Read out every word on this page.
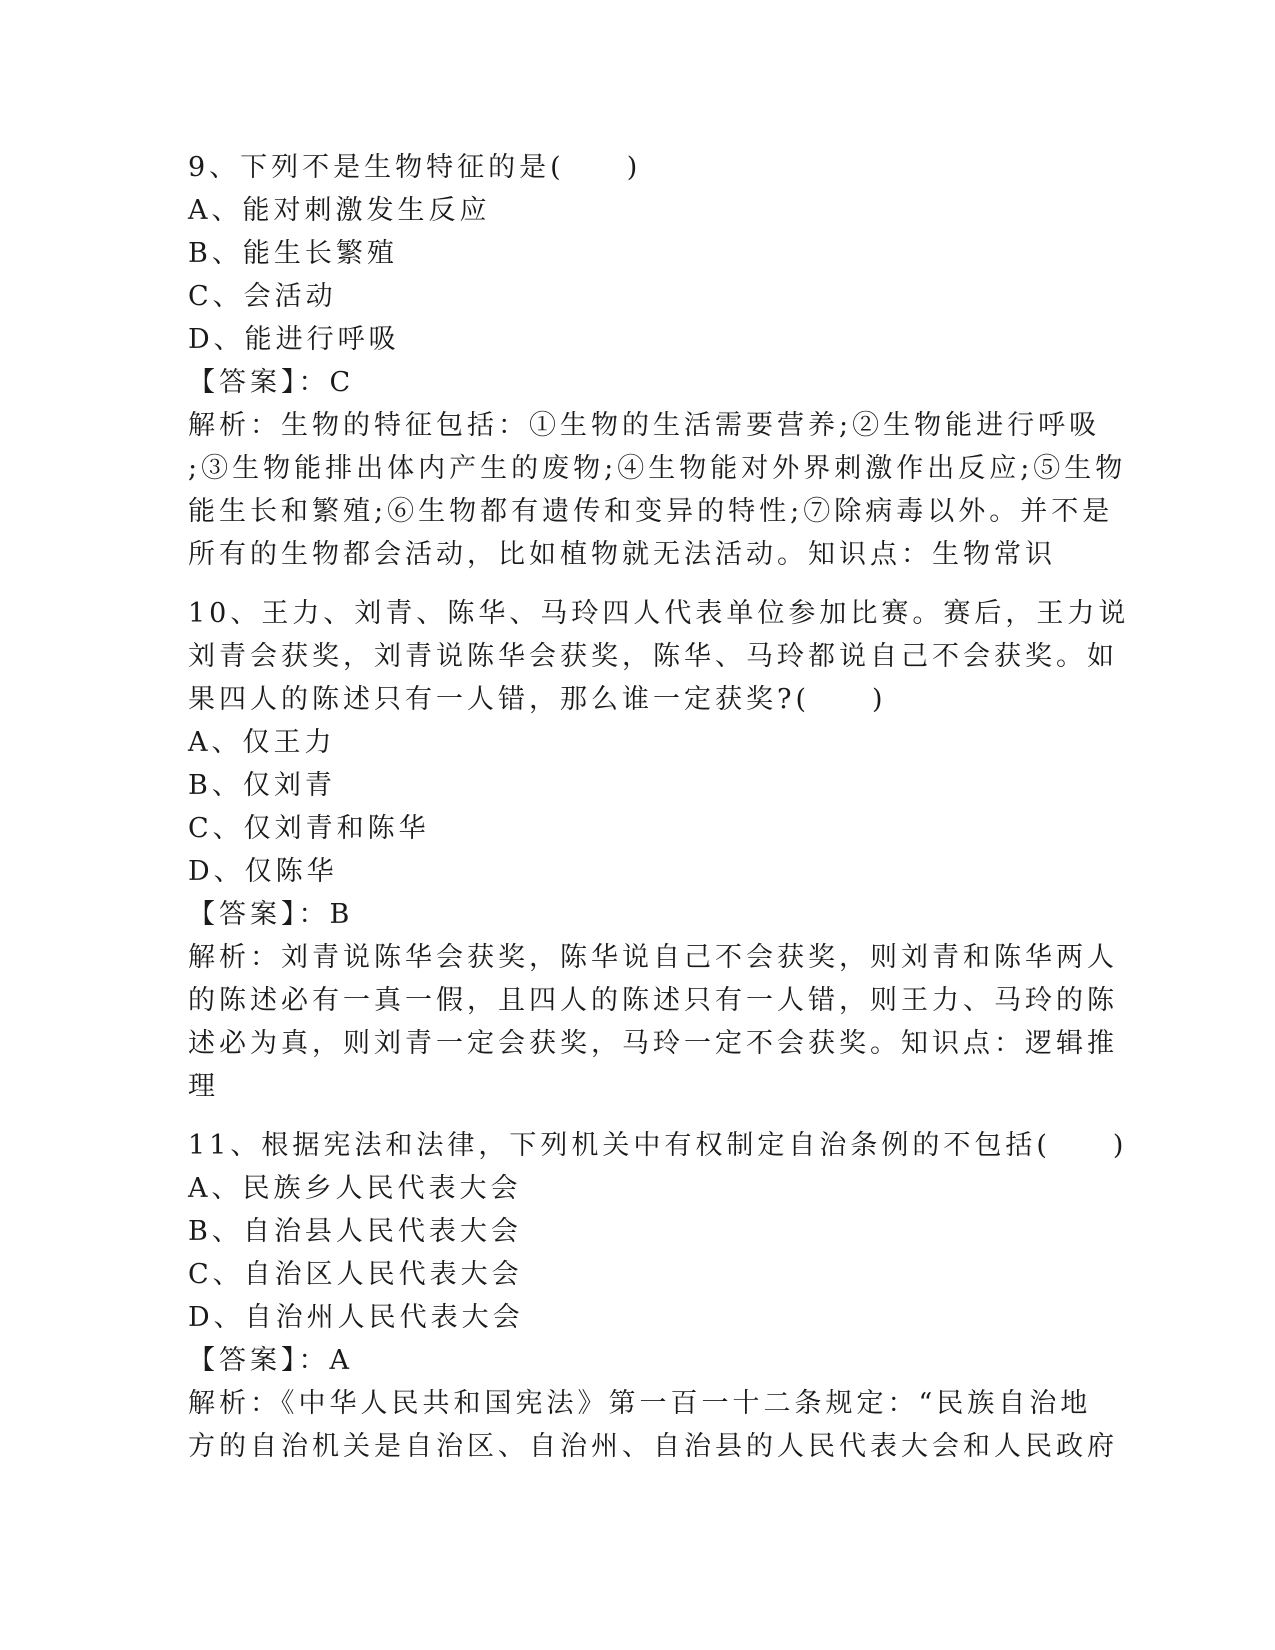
9、下列不是生物特征的是(　　)
A、能对刺激发生反应
B、能生长繁殖
C、会活动
D、能进行呼吸
【答案】：C
解析：生物的特征包括：①生物的生活需要营养;②生物能进行呼吸
;③生物能排出体内产生的废物;④生物能对外界刺激作出反应;⑤生物
能生长和繁殖;⑥生物都有遗传和变异的特性;⑦除病毒以外。并不是
所有的生物都会活动，比如植物就无法活动。知识点：生物常识
10、王力、刘青、陈华、马玲四人代表单位参加比赛。赛后，王力说
刘青会获奖，刘青说陈华会获奖，陈华、马玲都说自己不会获奖。如
果四人的陈述只有一人错，那么谁一定获奖?(　　)
A、仅王力
B、仅刘青
C、仅刘青和陈华
D、仅陈华
【答案】：B
解析：刘青说陈华会获奖，陈华说自己不会获奖，则刘青和陈华两人
的陈述必有一真一假，且四人的陈述只有一人错，则王力、马玲的陈
述必为真，则刘青一定会获奖，马玲一定不会获奖。知识点：逻辑推
理
11、根据宪法和法律，下列机关中有权制定自治条例的不包括(　　)
A、民族乡人民代表大会
B、自治县人民代表大会
C、自治区人民代表大会
D、自治州人民代表大会
【答案】：A
解析：《中华人民共和国宪法》第一百一十二条规定：“民族自治地
方的自治机关是自治区、自治州、自治县的人民代表大会和人民政府
